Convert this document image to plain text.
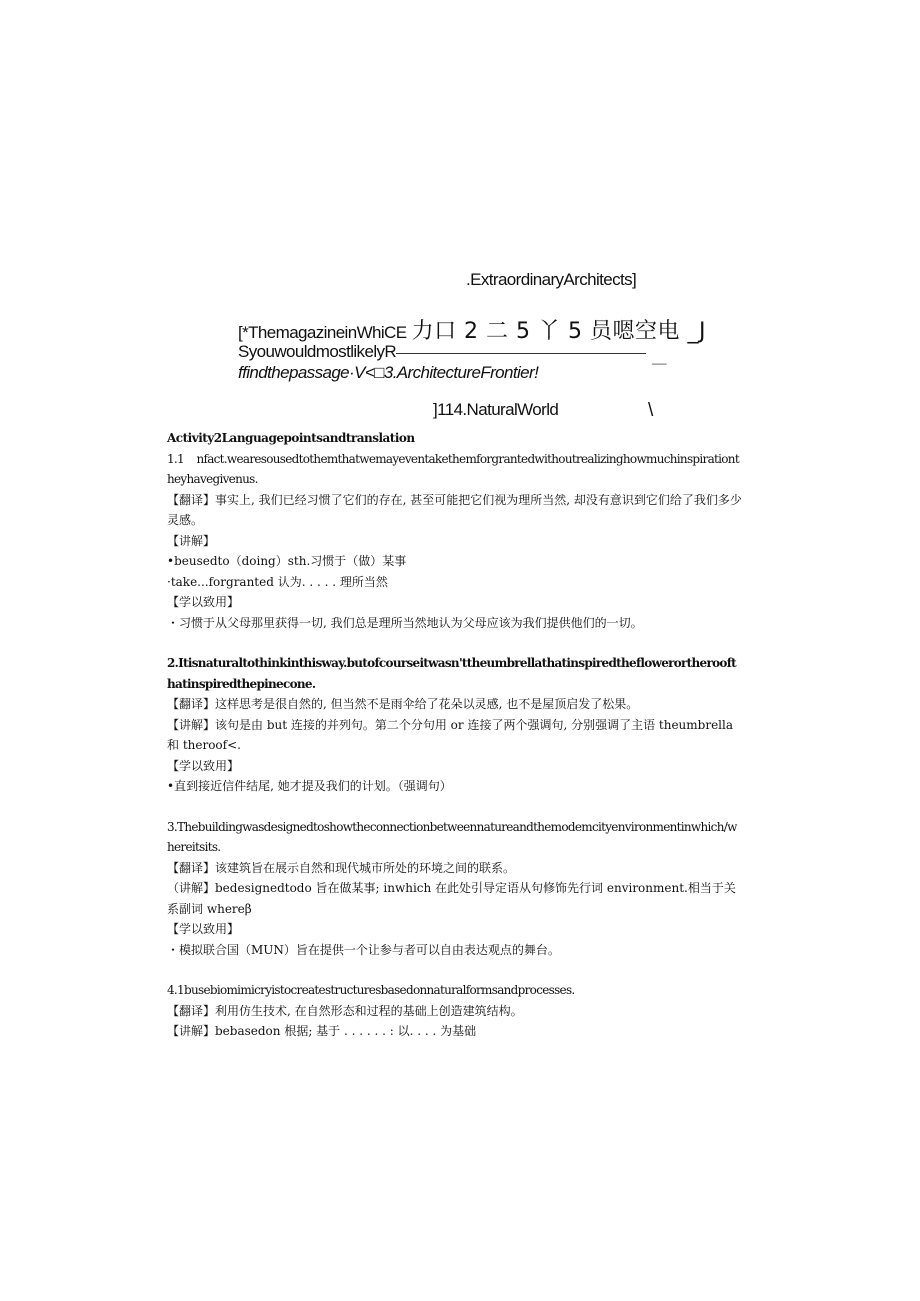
.ExtraordinaryArchitects]
[*ThemagazineinWhiCE 力口 2 二 5 丫 5 员嗯空电 _J
SyouwouldmostlikelyR	__
ffindthepassage·V<□3.ArchitectureFrontier!
]114.NaturalWorld	\

Activity2Languagepointsandtranslation

1.1    nfact.wearesousedtothemthatwemayeventakethemforgrantedwithoutrealizinghowmuchinspirationtheyhavegivenus.

【翻译】事实上, 我们已经习惯了它们的存在, 甚至可能把它们视为理所当然, 却没有意识到它们给了我们多少灵感。

【讲解】

•beusedto（doing）sth.习惯于（做）某事

·take...forgranted 认为. . . . . 理所当然

【学以致用】

・习惯于从父母那里获得一切, 我们总是理所当然地认为父母应该为我们提供他们的一切。

2.Itisnaturaltothinkinthisway.butofcourseitwasn'ttheumbrellathatinspiredtheflowerortheroofthatinspiredthepinecone.

【翻译】这样思考是很自然的, 但当然不是雨伞给了花朵以灵感, 也不是屋顶启发了松果。

【讲解】该句是由 but 连接的并列句。第二个分句用 or 连接了两个强调句, 分别强调了主语 theumbrella 和 theroof<.

【学以致用】

•直到接近信件结尾, 她才提及我们的计划。（强调句）

3.Thebuildingwasdesignedtoshowtheconnectionbetweennatureandthemodemcityenvironmentinwhich/whereitsits.

【翻译】该建筑旨在展示自然和现代城市所处的环境之间的联系。

（讲解】bedesignedtodo 旨在做某事; inwhich 在此处引导定语从句修饰先行词 environment.相当于关系副词 whereβ

【学以致用】

・模拟联合国（MUN）旨在提供一个让参与者可以自由表达观点的舞台。

4.1busebiomimicryistocreatestructuresbasedonnaturalformsandprocesses.

【翻译】利用仿生技术, 在自然形态和过程的基础上创造建筑结构。

【讲解】bebasedon 根据; 基于 . . . . . . : 以. . . . 为基础
